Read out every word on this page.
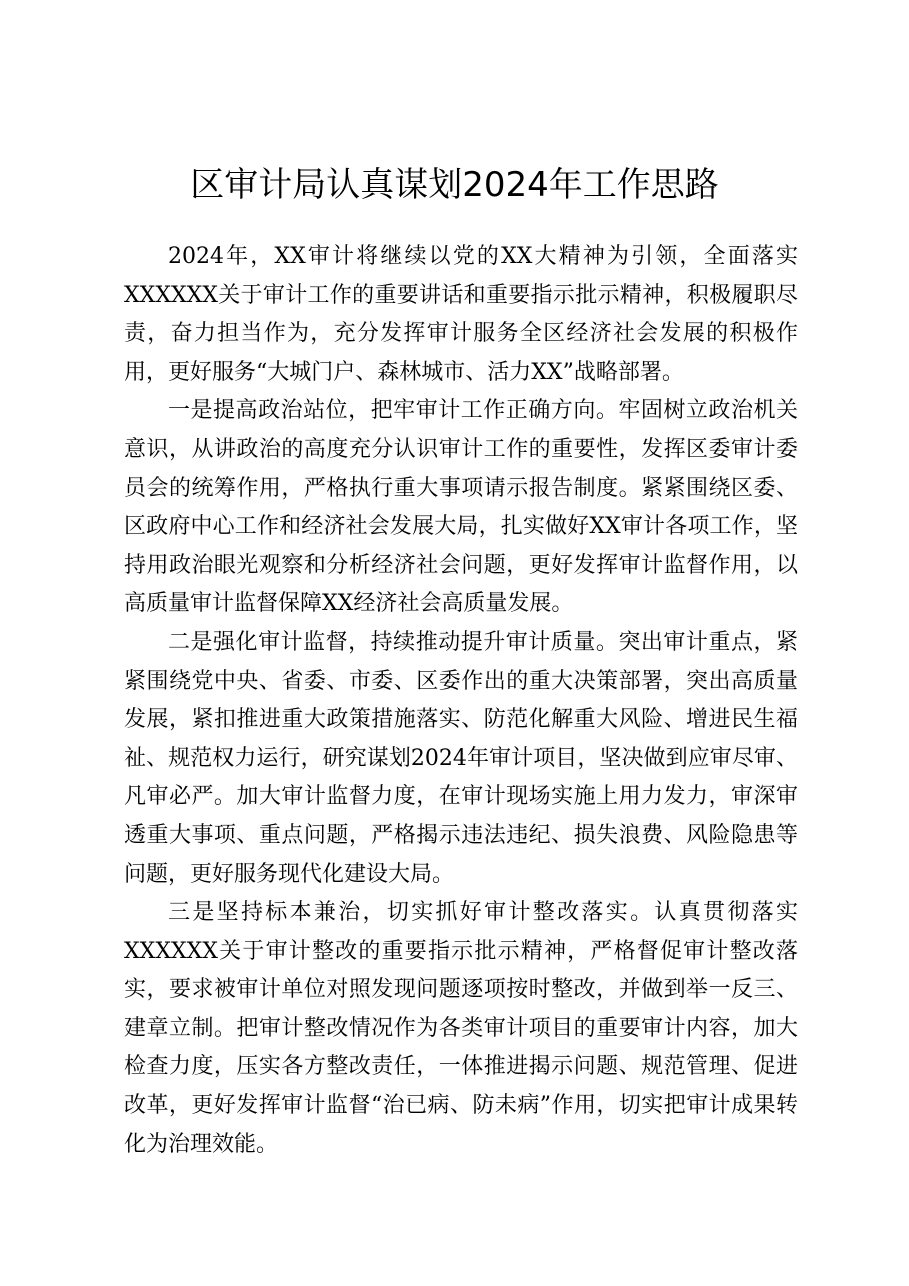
区审计局认真谋划2024年工作思路

2024年，XX审计将继续以党的XX大精神为引领，全面落实XXXXXX关于审计工作的重要讲话和重要指示批示精神，积极履职尽责，奋力担当作为，充分发挥审计服务全区经济社会发展的积极作用，更好服务“大城门户、森林城市、活力XX”战略部署。

一是提高政治站位，把牢审计工作正确方向。牢固树立政治机关意识，从讲政治的高度充分认识审计工作的重要性，发挥区委审计委员会的统筹作用，严格执行重大事项请示报告制度。紧紧围绕区委、区政府中心工作和经济社会发展大局，扎实做好XX审计各项工作，坚持用政治眼光观察和分析经济社会问题，更好发挥审计监督作用，以高质量审计监督保障XX经济社会高质量发展。

二是强化审计监督，持续推动提升审计质量。突出审计重点，紧紧围绕党中央、省委、市委、区委作出的重大决策部署，突出高质量发展，紧扣推进重大政策措施落实、防范化解重大风险、增进民生福祉、规范权力运行，研究谋划2024年审计项目，坚决做到应审尽审、凡审必严。加大审计监督力度，在审计现场实施上用力发力，审深审透重大事项、重点问题，严格揭示违法违纪、损失浪费、风险隐患等问题，更好服务现代化建设大局。

三是坚持标本兼治，切实抓好审计整改落实。认真贯彻落实XXXXXX关于审计整改的重要指示批示精神，严格督促审计整改落实，要求被审计单位对照发现问题逐项按时整改，并做到举一反三、建章立制。把审计整改情况作为各类审计项目的重要审计内容，加大检查力度，压实各方整改责任，一体推进揭示问题、规范管理、促进改革，更好发挥审计监督“治已病、防未病”作用，切实把审计成果转化为治理效能。
